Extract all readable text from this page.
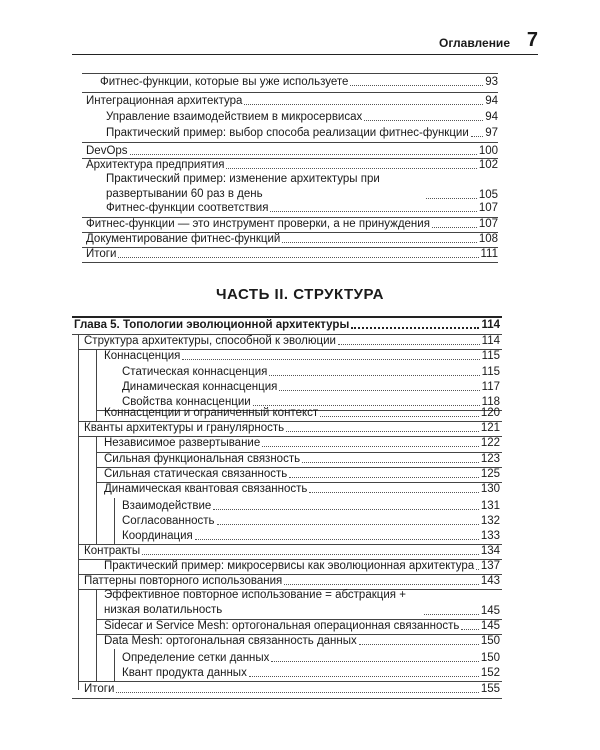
Оглавление 7
Фитнес-функции, которые вы уже используете	93
Интеграционная архитектура	94
Управление взаимодействием в микросервисах	94
Практический пример: выбор способа реализации фитнес-функции 97
DevOps	100
Архитектура предприятия	102
Практический пример: изменение архитектуры при развертывании 60 раз в день	105
Фитнес-функции соответствия	107
Фитнес-функции — это инструмент проверки, а не принуждения	107
Документирование фитнес-функций	108
Итоги	111
ЧАСТЬ II. СТРУКТУРА
Глава 5. Топологии эволюционной архитектуры	114
Структура архитектуры, способной к эволюции	114
Коннасценция	115
Статическая коннасценция	115
Динамическая коннасценция	117
Свойства коннасценции	118
Коннасценции и ограниченный контекст	120
Кванты архитектуры и гранулярность	121
Независимое развертывание	122
Сильная функциональная связность	123
Сильная статическая связанность	125
Динамическая квантовая связанность	130
Взаимодействие	131
Согласованность	132
Координация	133
Контракты	134
Практический пример: микросервисы как эволюционная архитектура 137
Паттерны повторного использования	143
Эффективное повторное использование = абстракция + низкая волатильность	145
Sidecar и Service Mesh: ортогональная операционная связанность 145
Data Mesh: ортогональная связанность данных	150
Определение сетки данных	150
Квант продукта данных	152
Итоги	155
